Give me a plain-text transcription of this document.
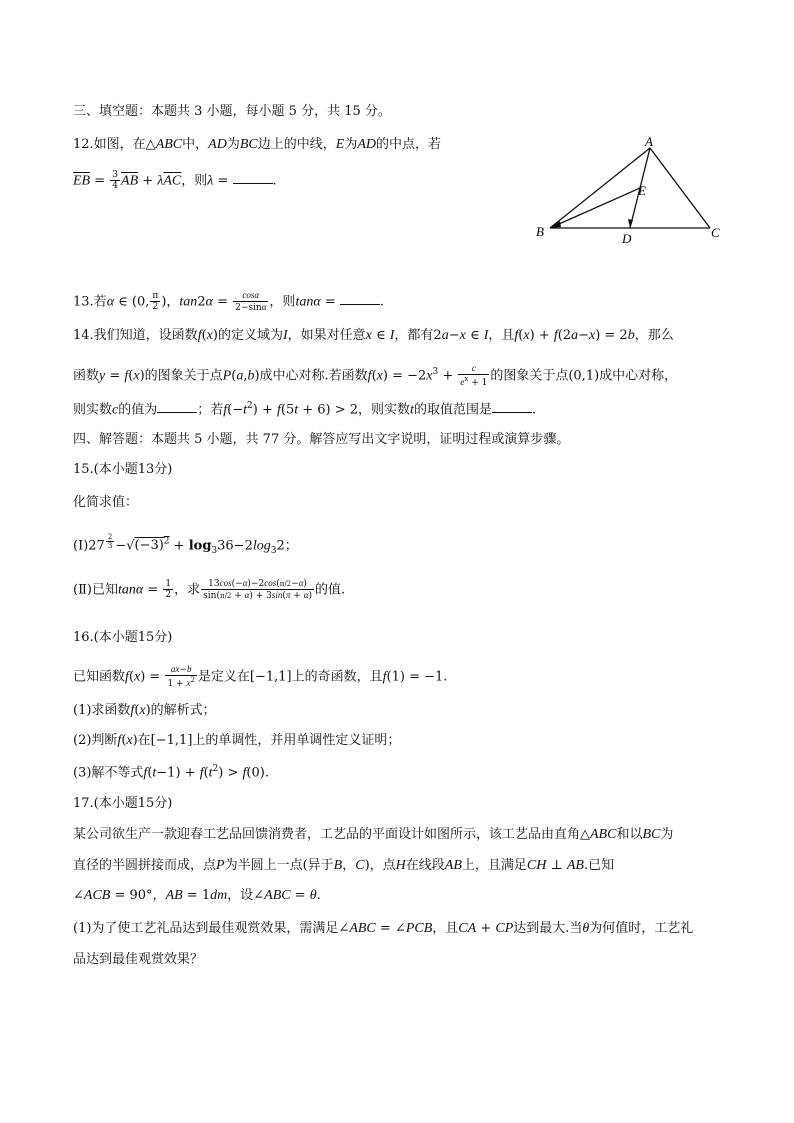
三、填空题：本题共 3 小题，每小题 5 分，共 15 分。
12.如图，在△ABC中，AD为BC边上的中线，E为AD的中点，若
$\overline{EB} = \frac{3}{4} \overline{AB} + \lambda\overline{AC}$，则λ =	.
A
E
B	D	C
13.若α ∈ (0, $\frac{\pi}{2}$ )，$\tan 2\alpha = \frac{\cos\alpha}{2-\sin\alpha}$ ，则tanα =	.
14.我们知道，设函数f(x)的定义域为I，如果对任意x ∈ I，都有2a−x ∈ I，且f(x) + f(2a−x) = 2b，那么
函数y = f(x)的图象关于点P(a,b)成中心对称.若函数$f(x) = -2x^3 + \frac{c}{e^x + 1}$ 的图象关于点(0,1)成中心对称，
则实数c的值为	；若$f(-t^2) + f(5t + 6) > 2$，则实数t的取值范围是	.
四、解答题：本题共 5 小题，共 77 分。解答应写出文字说明，证明过程或演算步骤。
15.(本小题13分)
化简求值：
(Ⅰ)27 $^{\frac{2}{3}} -√(-3)^2 + \log_336-2\log_32$；
(Ⅱ)已知$\tan\alpha = \frac{1}{2}$ ，求 $\frac{13\cos(-\alpha)-2\cos(\pi/2-\alpha)}{\sin(\pi/2 + \alpha) + 3\sin(\pi + \alpha)}$ 的值.
16.(本小题15分)
已知函数$f(x) = \frac{ax-b}{1 + x^2}$ 是定义在[−1,1]上的奇函数，且f(1) = −1.
(1)求函数f(x)的解析式；
(2)判断f(x)在[−1,1]上的单调性，并用单调性定义证明；
(3)解不等式$f(t-1) + f(t^2) > f(0)$.
17.(本小题15分)
某公司欲生产一款迎春工艺品回馈消费者，工艺品的平面设计如图所示，该工艺品由直角△ABC和以BC为
直径的半圆拼接而成，点P为半圆上一点(异于B，C)，点H在线段AB上，且满足CH ⊥ AB.已知
∠ACB = 90°，AB = 1dm，设∠ABC = θ.
(1)为了使工艺礼品达到最佳观赏效果，需满足∠ABC = ∠PCB，且CA + CP达到最大.当θ为何值时，工艺礼
品达到最佳观赏效果？
